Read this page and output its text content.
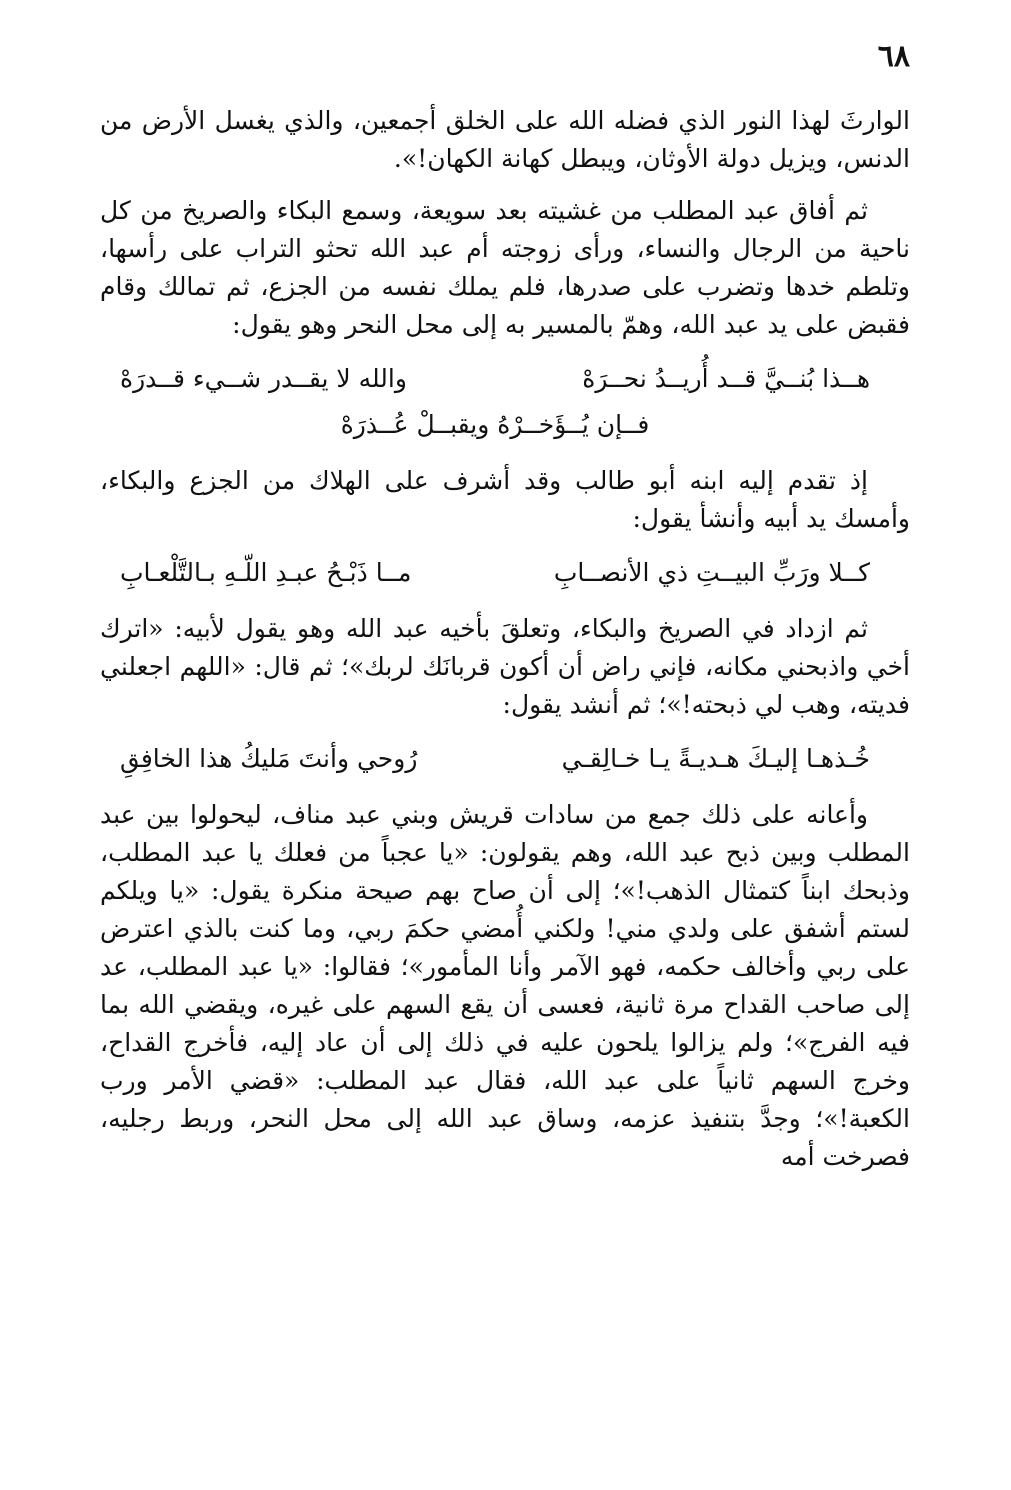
٦٨

الوارثَ لهذا النور الذي فضله الله على الخلق أجمعين، والذي يغسل الأرض من الدنس، ويزيل دولة الأوثان، ويبطل كهانة الكهان!».

ثم أفاق عبد المطلب من غشيته بعد سويعة، وسمع البكاء والصريخ من كل ناحية من الرجال والنساء، ورأى زوجته أم عبد الله تحثو التراب على رأسها، وتلطم خدها وتضرب على صدرها، فلم يملك نفسه من الجزع، ثم تمالك وقام فقبض على يد عبد الله، وهمّ بالمسير به إلى محل النحر وهو يقول:

هــذا بُنــيَّ قــد أُريــدُ نحــرَهْ
والله لا يقــدر شــيء قــدرَهْ
فــإن يُــؤَخــرْهُ ويقبــلْ عُــذرَهْ

إذ تقدم إليه ابنه أبو طالب وقد أشرف على الهلاك من الجزع والبكاء، وأمسك يد أبيه وأنشأ يقول:

كــلا ورَبِّ البيــتِ ذي الأنصــابِ
مــا ذَبْـحُ عبـدِ اللّـهِ بـالتَّلْعـابِ

ثم ازداد في الصريخ والبكاء، وتعلقَ بأخيه عبد الله وهو يقول لأبيه: «اترك أخي واذبحني مكانه، فإني راض أن أكون قربانَك لربك»؛ ثم قال: «اللهم اجعلني فديته، وهب لي ذبحته!»؛ ثم أنشد يقول:

خُـذهـا إليـكَ هـديـةً يـا خـالِقـي
رُوحي وأنتَ مَليكُ هذا الخافِقِ

وأعانه على ذلك جمع من سادات قريش وبني عبد مناف، ليحولوا بين عبد المطلب وبين ذبح عبد الله، وهم يقولون: «يا عجباً من فعلك يا عبد المطلب، وذبحك ابناً كتمثال الذهب!»؛ إلى أن صاح بهم صيحة منكرة يقول: «يا ويلكم لستم أشفق على ولدي مني! ولكني أُمضي حكمَ ربي، وما كنت بالذي اعترض على ربي وأخالف حكمه، فهو الآمر وأنا المأمور»؛ فقالوا: «يا عبد المطلب، عد إلى صاحب القداح مرة ثانية، فعسى أن يقع السهم على غيره، ويقضي الله بما فيه الفرج»؛ ولم يزالوا يلحون عليه في ذلك إلى أن عاد إليه، فأخرج القداح، وخرج السهم ثانياً على عبد الله، فقال عبد المطلب: «قضي الأمر ورب الكعبة!»؛ وجدَّ بتنفيذ عزمه، وساق عبد الله إلى محل النحر، وربط رجليه، فصرخت أمه
